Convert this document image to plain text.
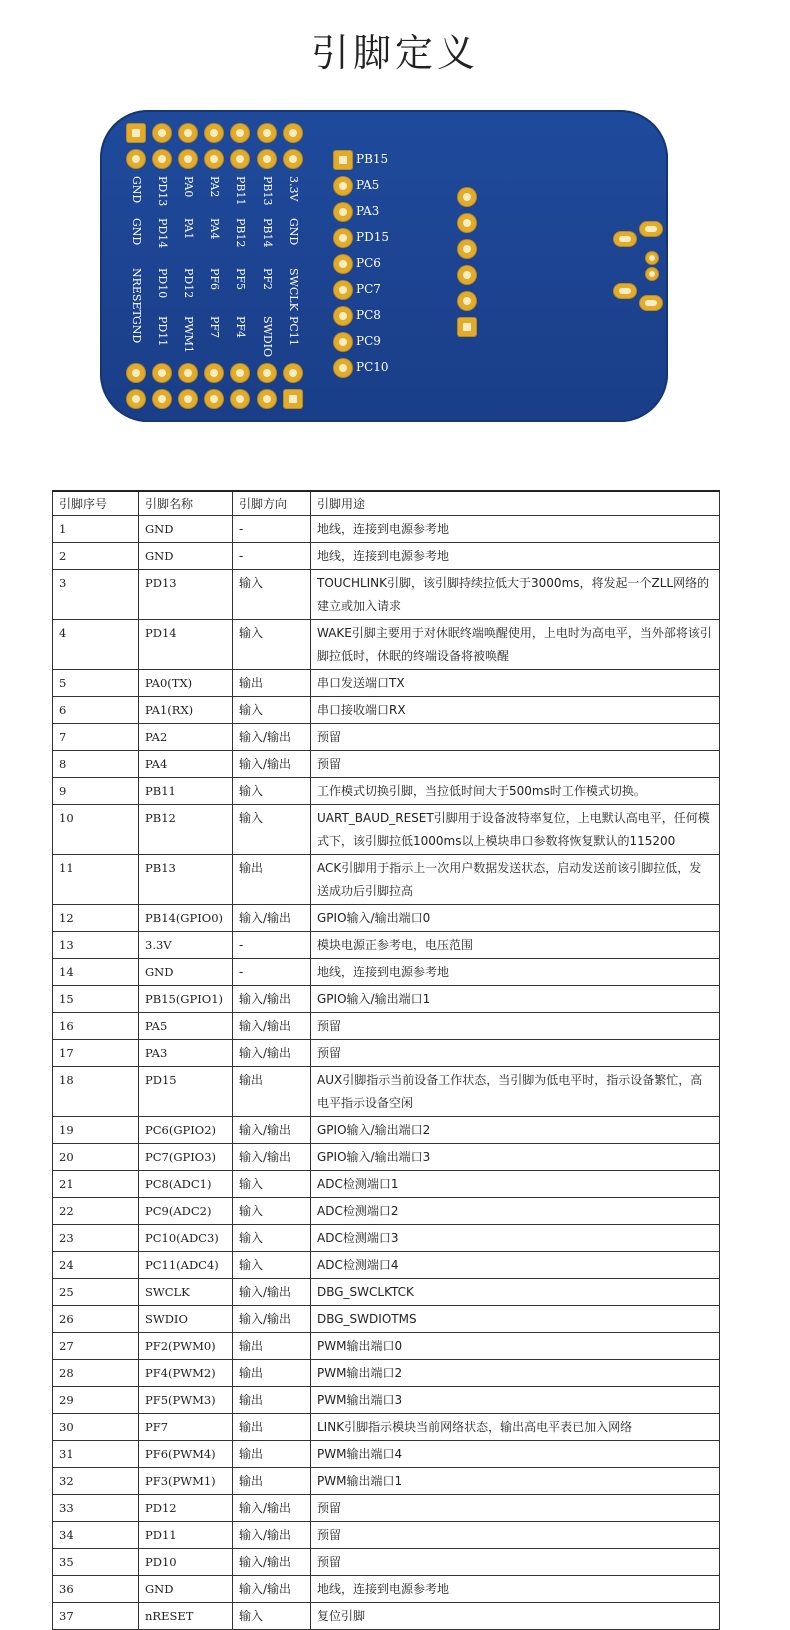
引脚定义
GND PD13 PA0 PA2 PB11 PB13 3.3V
GND PD14 PA1 PA4 PB12 PB14 GND
NRESET PD10 PD12 PF6 PF5 PF2 SWCLK
GND PD11 PWM1 PF7 PF4 SWDIO PC11
PB15
PA5
PA3
PD15
PC6
PC7
PC8
PC9
PC10
引脚序号	引脚名称	引脚方向	引脚用途
1	GND	-	地线，连接到电源参考地
2	GND	-	地线，连接到电源参考地
3	PD13	输入	TOUCHLINK引脚，该引脚持续拉低大于3000ms，将发起一个ZLL网络的建立或加入请求
4	PD14	输入	WAKE引脚主要用于对休眠终端唤醒使用，上电时为高电平，当外部将该引脚拉低时，休眠的终端设备将被唤醒
5	PA0(TX)	输出	串口发送端口TX
6	PA1(RX)	输入	串口接收端口RX
7	PA2	输入/输出	预留
8	PA4	输入/输出	预留
9	PB11	输入	工作模式切换引脚，当拉低时间大于500ms时工作模式切换。
10	PB12	输入	UART_BAUD_RESET引脚用于设备波特率复位，上电默认高电平，任何模式下，该引脚拉低1000ms以上模块串口参数将恢复默认的115200
11	PB13	输出	ACK引脚用于指示上一次用户数据发送状态，启动发送前该引脚拉低，发送成功后引脚拉高
12	PB14(GPIO0)	输入/输出	GPIO输入/输出端口0
13	3.3V	-	模块电源正参考电，电压范围
14	GND	-	地线，连接到电源参考地
15	PB15(GPIO1)	输入/输出	GPIO输入/输出端口1
16	PA5	输入/输出	预留
17	PA3	输入/输出	预留
18	PD15	输出	AUX引脚指示当前设备工作状态，当引脚为低电平时，指示设备繁忙，高电平指示设备空闲
19	PC6(GPIO2)	输入/输出	GPIO输入/输出端口2
20	PC7(GPIO3)	输入/输出	GPIO输入/输出端口3
21	PC8(ADC1)	输入	ADC检测端口1
22	PC9(ADC2)	输入	ADC检测端口2
23	PC10(ADC3)	输入	ADC检测端口3
24	PC11(ADC4)	输入	ADC检测端口4
25	SWCLK	输入/输出	DBG_SWCLKTCK
26	SWDIO	输入/输出	DBG_SWDIOTMS
27	PF2(PWM0)	输出	PWM输出端口0
28	PF4(PWM2)	输出	PWM输出端口2
29	PF5(PWM3)	输出	PWM输出端口3
30	PF7	输出	LINK引脚指示模块当前网络状态，输出高电平表已加入网络
31	PF6(PWM4)	输出	PWM输出端口4
32	PF3(PWM1)	输出	PWM输出端口1
33	PD12	输入/输出	预留
34	PD11	输入/输出	预留
35	PD10	输入/输出	预留
36	GND	输入/输出	地线，连接到电源参考地
37	nRESET	输入	复位引脚
